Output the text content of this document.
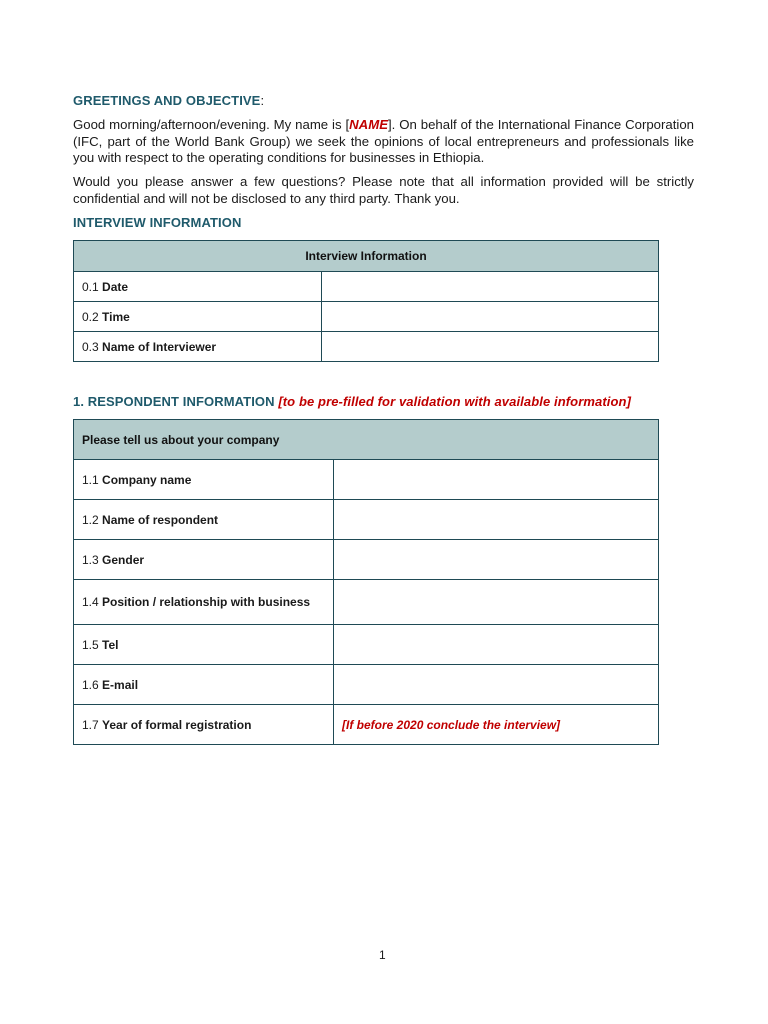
GREETINGS AND OBJECTIVE:
Good morning/afternoon/evening. My name is [NAME]. On behalf of the International Finance Corporation (IFC, part of the World Bank Group) we seek the opinions of local entrepreneurs and professionals like you with respect to the operating conditions for businesses in Ethiopia.
Would you please answer a few questions? Please note that all information provided will be strictly confidential and will not be disclosed to any third party. Thank you.
INTERVIEW INFORMATION
Interview Information	
0.1 Date	
0.2 Time	
0.3 Name of Interviewer	
1. RESPONDENT INFORMATION [to be pre-filled for validation with available information]
Please tell us about your company	
1.1 Company name	
1.2 Name of respondent	
1.3 Gender	
1.4 Position / relationship with business	
1.5 Tel	
1.6 E-mail	
1.7 Year of formal registration	[If before 2020 conclude the interview]
1
